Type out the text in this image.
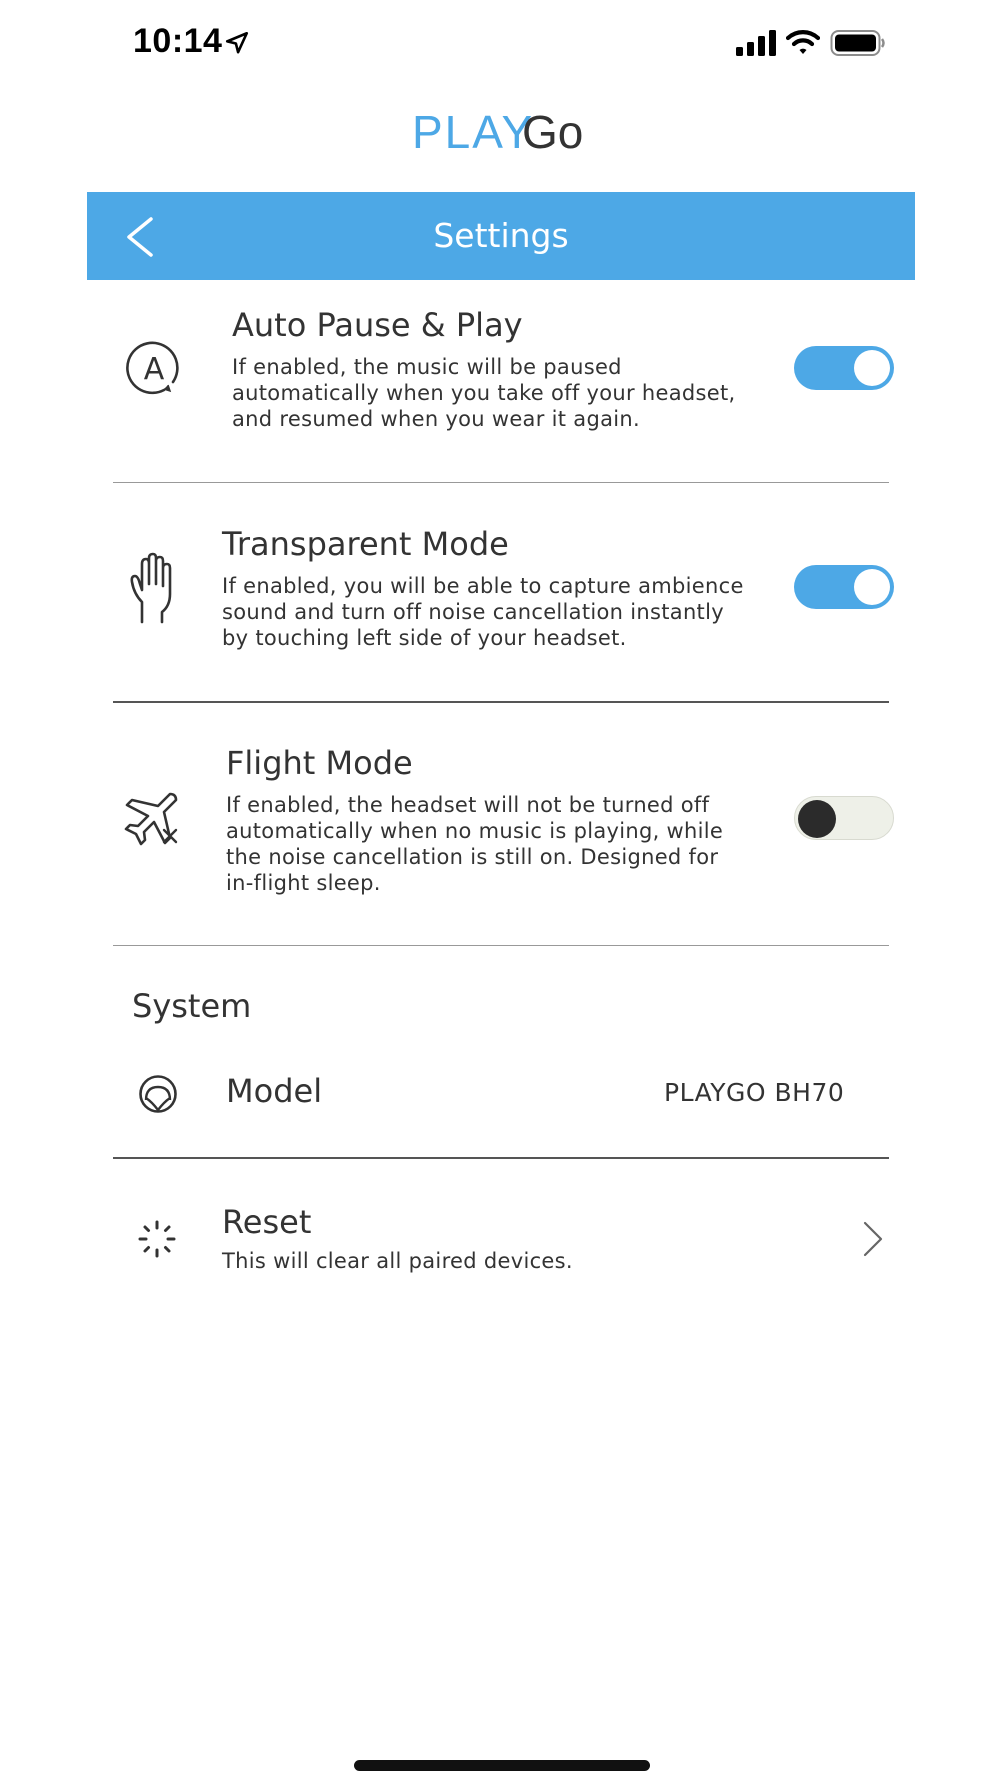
10:14
PLAY
Go
Settings
A
Auto Pause & Play
If enabled, the music will be paused
automatically when you take off your headset,
and resumed when you wear it again.
Transparent Mode
If enabled, you will be able to capture ambience
sound and turn off noise cancellation instantly
by touching left side of your headset.
Flight Mode
If enabled, the headset will not be turned off
automatically when no music is playing, while
the noise cancellation is still on. Designed for
in-flight sleep.
System
Model	PLAYGO BH70
Reset
This will clear all paired devices.
